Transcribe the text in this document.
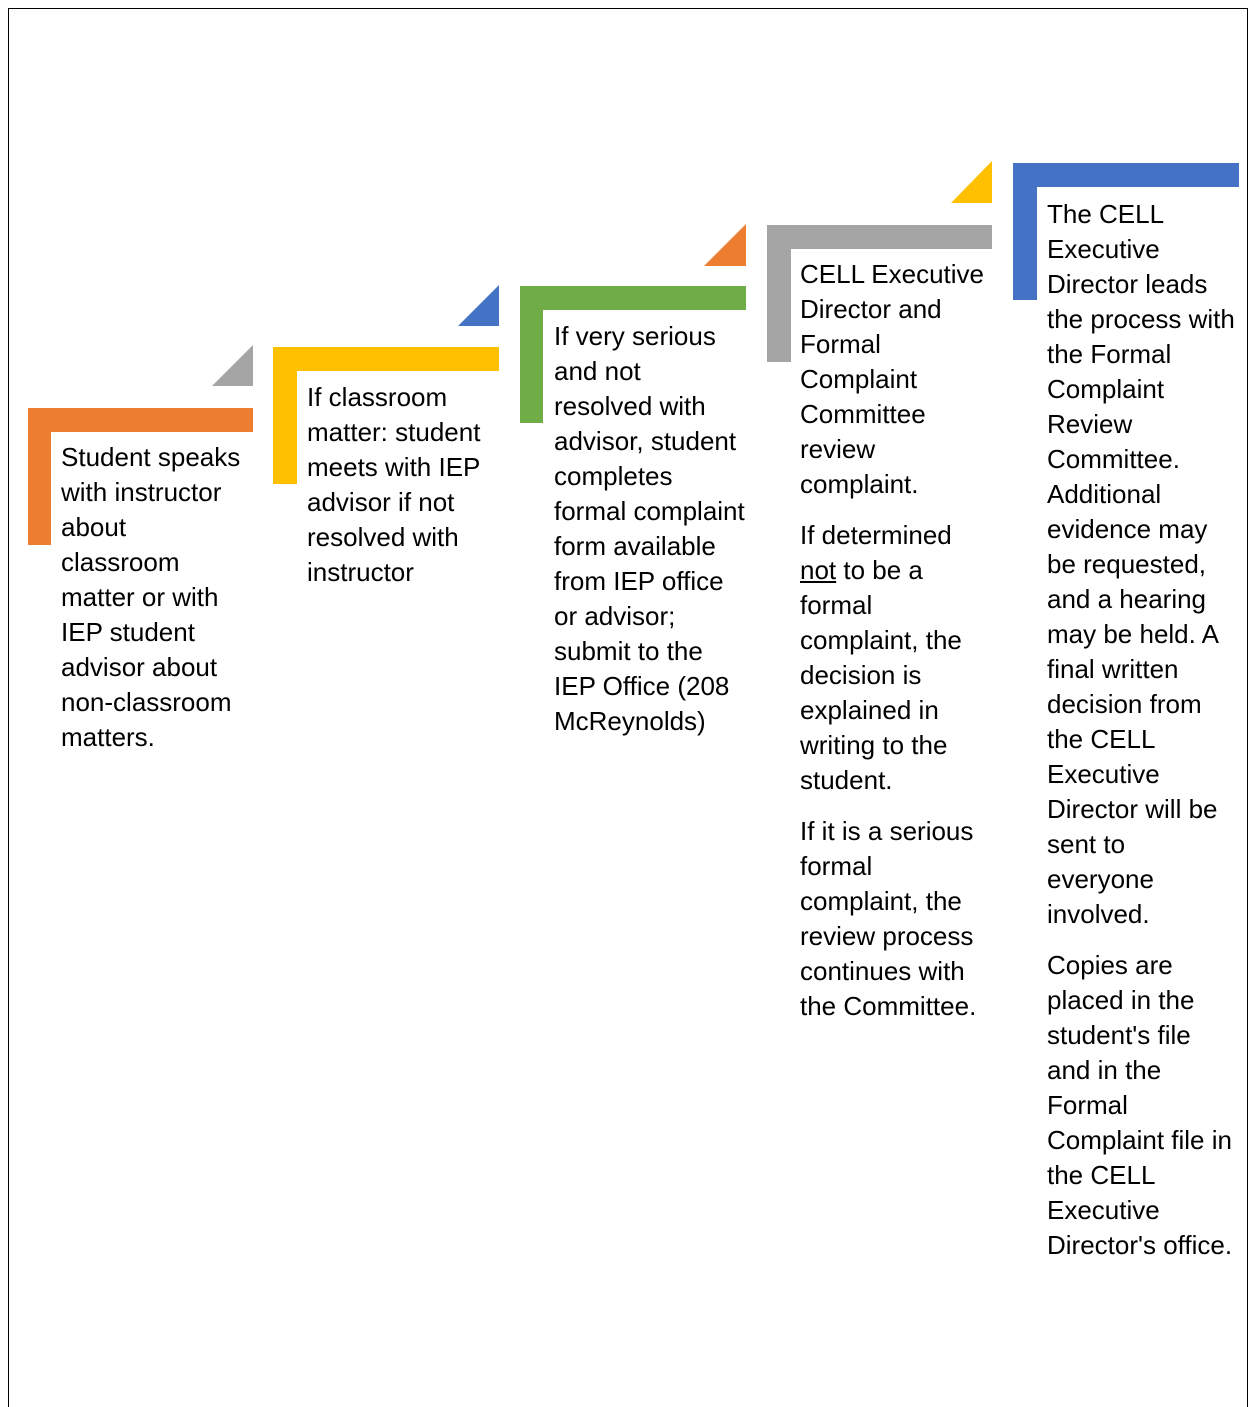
Student speaks with instructor about classroom matter or with IEP student advisor about non-classroom matters.

If classroom matter: student meets with IEP advisor if not resolved with instructor

If very serious and not resolved with advisor, student completes formal complaint form available from IEP office or advisor; submit to the IEP Office (208 McReynolds)

CELL Executive Director and Formal Complaint Committee review complaint.

If determined not to be a formal complaint, the decision is explained in writing to the student.

If it is a serious formal complaint, the review process continues with the Committee.

The CELL Executive Director leads the process with the Formal Complaint Review Committee. Additional evidence may be requested, and a hearing may be held. A final written decision from the CELL Executive Director will be sent to everyone involved.

Copies are placed in the student's file and in the Formal Complaint file in the CELL Executive Director's office.
